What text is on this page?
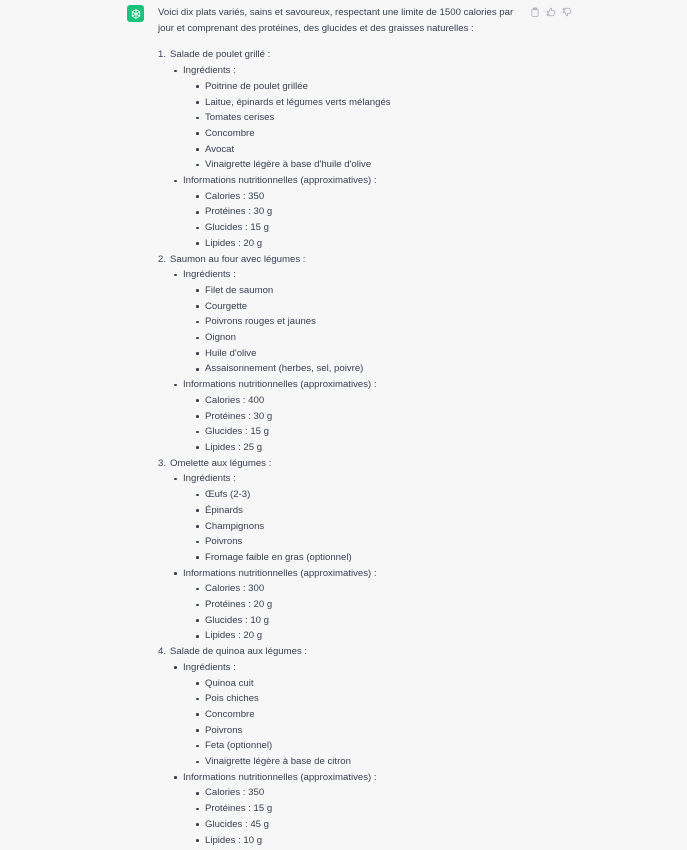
Voici dix plats variés, sains et savoureux, respectant une limite de 1500 calories par jour et comprenant des protéines, des glucides et des graisses naturelles :

1. Salade de poulet grillé :
Ingrédients :
Poitrine de poulet grillée
Laitue, épinards et légumes verts mélangés
Tomates cerises
Concombre
Avocat
Vinaigrette légère à base d'huile d'olive
Informations nutritionnelles (approximatives) :
Calories : 350
Protéines : 30 g
Glucides : 15 g
Lipides : 20 g
2. Saumon au four avec légumes :
Ingrédients :
Filet de saumon
Courgette
Poivrons rouges et jaunes
Oignon
Huile d'olive
Assaisonnement (herbes, sel, poivre)
Informations nutritionnelles (approximatives) :
Calories : 400
Protéines : 30 g
Glucides : 15 g
Lipides : 25 g
3. Omelette aux légumes :
Ingrédients :
Œufs (2-3)
Épinards
Champignons
Poivrons
Fromage faible en gras (optionnel)
Informations nutritionnelles (approximatives) :
Calories : 300
Protéines : 20 g
Glucides : 10 g
Lipides : 20 g
4. Salade de quinoa aux légumes :
Ingrédients :
Quinoa cuit
Pois chiches
Concombre
Poivrons
Feta (optionnel)
Vinaigrette légère à base de citron
Informations nutritionnelles (approximatives) :
Calories : 350
Protéines : 15 g
Glucides : 45 g
Lipides : 10 g
